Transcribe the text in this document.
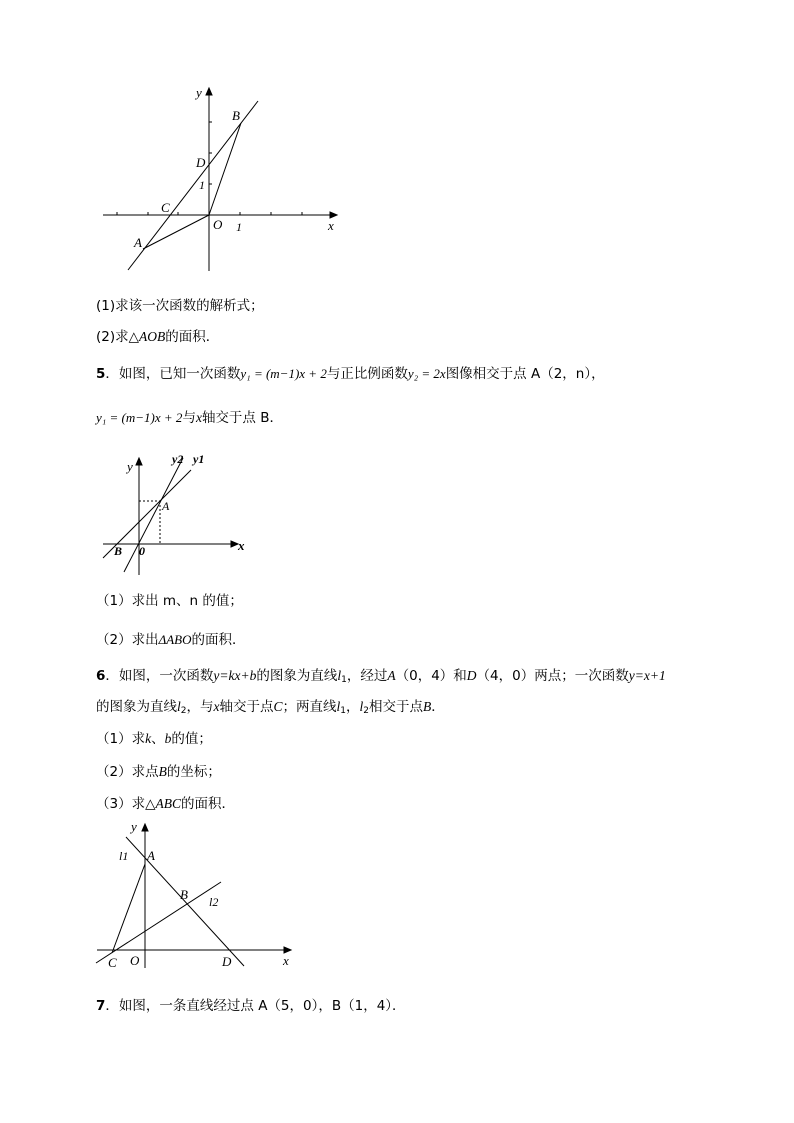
y
x
B
D
1
C
O 1
A
(1)求该一次函数的解析式；
(2)求△AOB的面积．
5．如图，已知一次函数y₁ = (m−1)x + 2与正比例函数y₂ = 2x图像相交于点 A（2，n），
y₁ = (m−1)x + 2与x轴交于点 B．
y2 y1
y
A
B 0	x
（1）求出 m、n 的值；
（2）求出ΔABO的面积．
6．如图，一次函数y=kx+b的图象为直线$l_1$，经过A（0，4）和D（4，0）两点；一次函数y=x+1
的图象为直线$l_2$，与x轴交于点C；两直线$l_1$，$l_2$相交于点B．
（1）求k、b的值；
（2）求点B的坐标；
（3）求△ABC的面积．
y
l1 A
B l2
C O	D	x
7．如图，一条直线经过点 A（5，0），B（1，4）．
